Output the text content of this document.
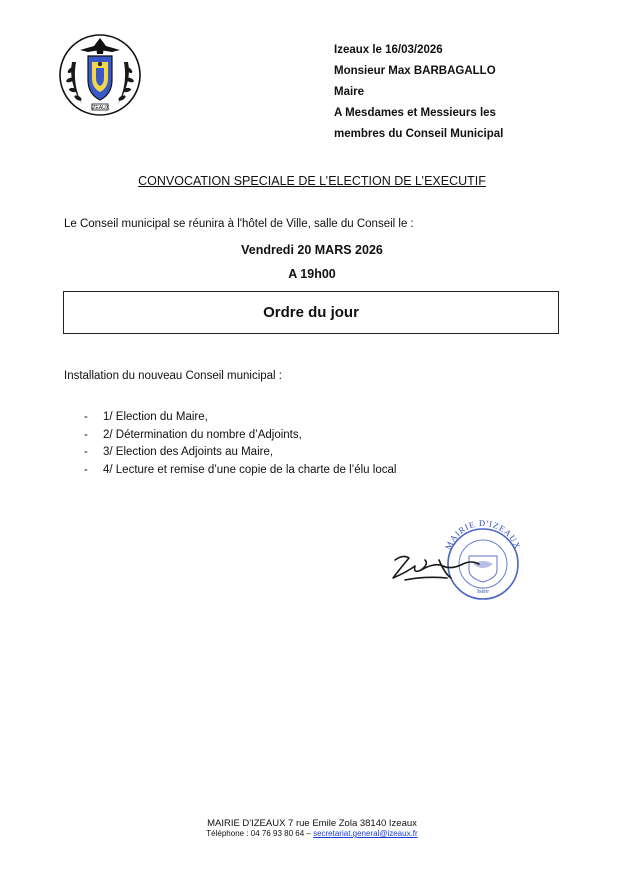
IZEAUX
Izeaux le 16/03/2026
Monsieur Max BARBAGALLO
Maire
A Mesdames et Messieurs les
membres du Conseil Municipal
CONVOCATION SPECIALE DE L’ELECTION DE L’EXECUTIF
Le Conseil municipal se réunira à l'hôtel de Ville, salle du Conseil le :
Vendredi 20 MARS 2026
A 19h00
Ordre du jour
Installation du nouveau Conseil municipal :
-	1/ Election du Maire,
-	2/ Détermination du nombre d’Adjoints,
-	3/ Election des Adjoints au Maire,
-	4/ Lecture et remise d’une copie de la charte de l’élu local
MAIRIE D'IZEAUX
Isère
MAIRIE D'IZEAUX 7 rue Emile Zola 38140 Izeaux
Téléphone : 04 76 93 80 64 – secretariat.general@izeaux.fr
